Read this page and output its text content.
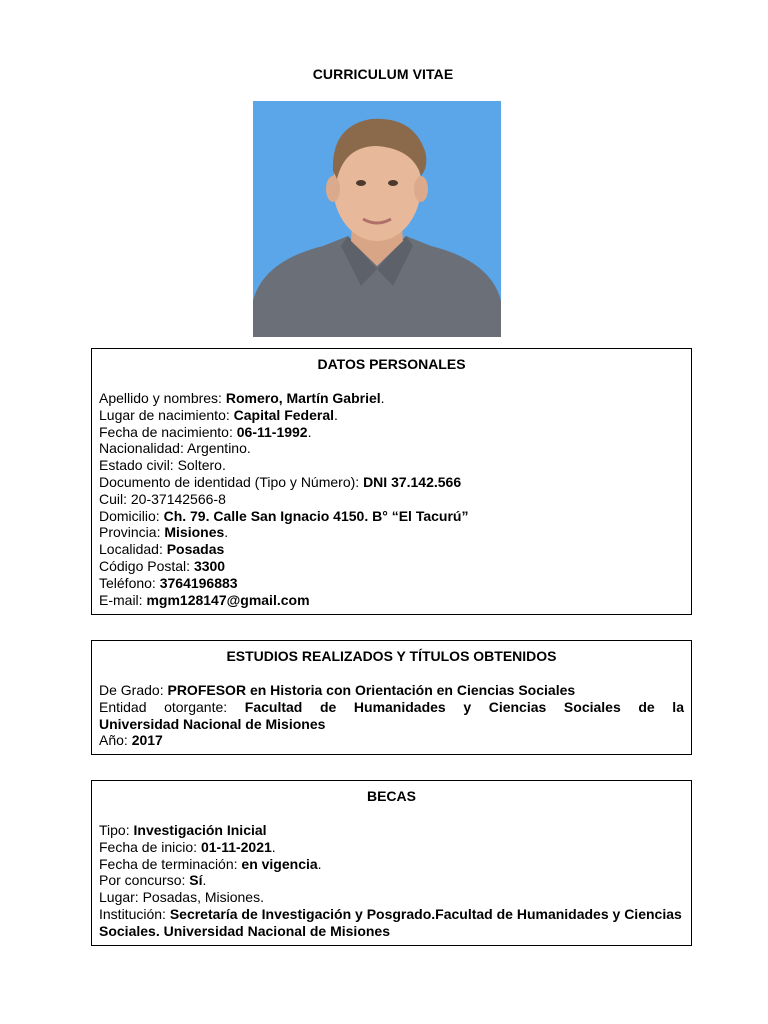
CURRICULUM VITAE
DATOS PERSONALES
Apellido y nombres: Romero, Martín Gabriel.
Lugar de nacimiento: Capital Federal.
Fecha de nacimiento: 06-11-1992.
Nacionalidad: Argentino.
Estado civil: Soltero.
Documento de identidad (Tipo y Número): DNI 37.142.566
Cuil: 20-37142566-8
Domicilio: Ch. 79. Calle San Ignacio 4150. B° “El Tacurú”
Provincia: Misiones.
Localidad: Posadas
Código Postal: 3300
Teléfono: 3764196883
E-mail: mgm128147@gmail.com
ESTUDIOS REALIZADOS Y TÍTULOS OBTENIDOS
De Grado: PROFESOR en Historia con Orientación en Ciencias Sociales
Entidad otorgante: Facultad de Humanidades y Ciencias Sociales de la
Universidad Nacional de Misiones
Año: 2017
BECAS
Tipo: Investigación Inicial
Fecha de inicio: 01-11-2021.
Fecha de terminación: en vigencia.
Por concurso: Sí.
Lugar: Posadas, Misiones.
Institución: Secretaría de Investigación y Posgrado.Facultad de Humanidades y Ciencias Sociales. Universidad Nacional de Misiones
